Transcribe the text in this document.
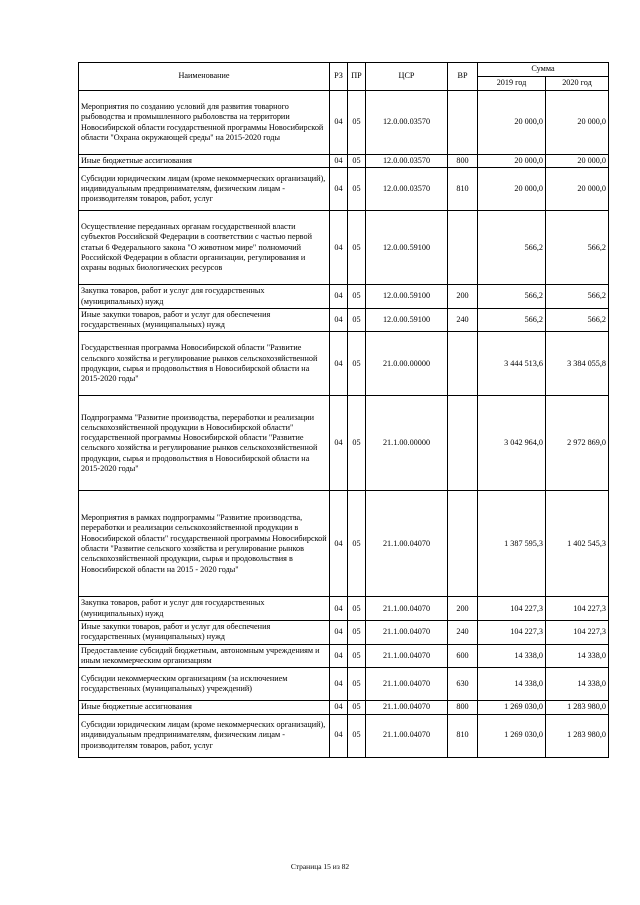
Наименование	РЗ	ПР	ЦСР	ВР	Сумма	
					2019 год	2020 год
Мероприятия по созданию условий для развития товарного рыбоводства и промышленного рыболовства на территории Новосибирской области государственной программы Новосибирской области "Охрана окружающей среды" на 2015-2020 годы	04	05	12.0.00.03570		20 000,0	20 000,0
Иные бюджетные ассигнования	04	05	12.0.00.03570	800	20 000,0	20 000,0
Субсидии юридическим лицам (кроме некоммерческих организаций), индивидуальным предпринимателям, физическим лицам - производителям товаров, работ, услуг	04	05	12.0.00.03570	810	20 000,0	20 000,0
Осуществление переданных органам государственной власти субъектов Российской Федерации в соответствии с частью первой статьи 6 Федерального закона "О животном мире" полномочий Российской Федерации в области организации, регулирования и охраны водных биологических ресурсов	04	05	12.0.00.59100		566,2	566,2
Закупка товаров, работ и услуг для государственных (муниципальных) нужд	04	05	12.0.00.59100	200	566,2	566,2
Иные закупки товаров, работ и услуг для обеспечения государственных (муниципальных) нужд	04	05	12.0.00.59100	240	566,2	566,2
Государственная программа Новосибирской области "Развитие сельского хозяйства и регулирование рынков сельскохозяйственной продукции, сырья и продовольствия в Новосибирской области на 2015-2020 годы"	04	05	21.0.00.00000		3 444 513,6	3 384 055,8
Подпрограмма "Развитие производства, переработки и реализации сельскохозяйственной продукции в Новосибирской области" государственной программы Новосибирской области "Развитие сельского хозяйства и регулирование рынков сельскохозяйственной продукции, сырья и продовольствия в Новосибирской области на 2015-2020 годы"	04	05	21.1.00.00000		3 042 964,0	2 972 869,0
Мероприятия в рамках подпрограммы "Развитие производства, переработки и реализации сельскохозяйственной продукции в Новосибирской области" государственной программы Новосибирской области "Развитие сельского хозяйства и регулирование рынков сельскохозяйственной продукции, сырья и продовольствия в Новосибирской области на 2015 - 2020 годы"	04	05	21.1.00.04070		1 387 595,3	1 402 545,3
Закупка товаров, работ и услуг для государственных (муниципальных) нужд	04	05	21.1.00.04070	200	104 227,3	104 227,3
Иные закупки товаров, работ и услуг для обеспечения государственных (муниципальных) нужд	04	05	21.1.00.04070	240	104 227,3	104 227,3
Предоставление субсидий бюджетным, автономным учреждениям и иным некоммерческим организациям	04	05	21.1.00.04070	600	14 338,0	14 338,0
Субсидии некоммерческим организациям (за исключением государственных (муниципальных) учреждений)	04	05	21.1.00.04070	630	14 338,0	14 338,0
Иные бюджетные ассигнования	04	05	21.1.00.04070	800	1 269 030,0	1 283 980,0
Субсидии юридическим лицам (кроме некоммерческих организаций), индивидуальным предпринимателям, физическим лицам - производителям товаров, работ, услуг	04	05	21.1.00.04070	810	1 269 030,0	1 283 980,0
Страница 15 из 82
